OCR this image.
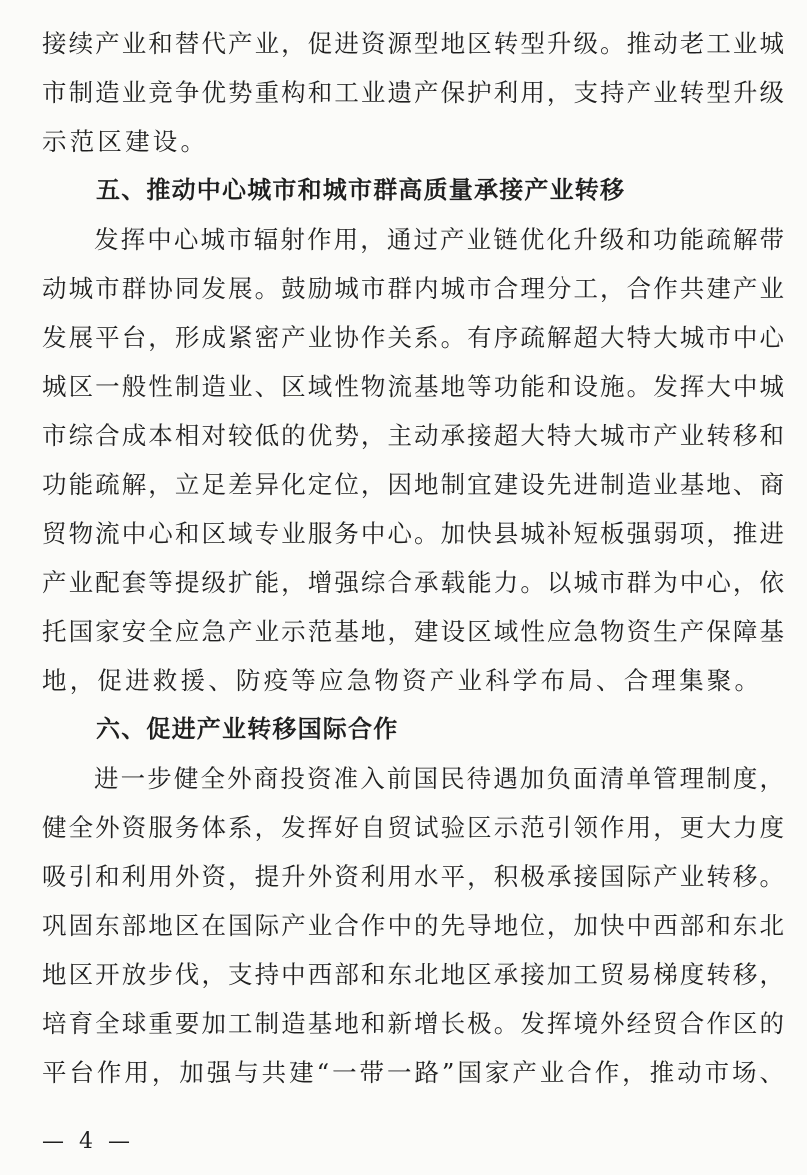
接续产业和替代产业，促进资源型地区转型升级。推动老工业城
市制造业竞争优势重构和工业遗产保护利用，支持产业转型升级
示范区建设。
五、推动中心城市和城市群高质量承接产业转移
发挥中心城市辐射作用，通过产业链优化升级和功能疏解带
动城市群协同发展。鼓励城市群内城市合理分工，合作共建产业
发展平台，形成紧密产业协作关系。有序疏解超大特大城市中心
城区一般性制造业、区域性物流基地等功能和设施。发挥大中城
市综合成本相对较低的优势，主动承接超大特大城市产业转移和
功能疏解，立足差异化定位，因地制宜建设先进制造业基地、商
贸物流中心和区域专业服务中心。加快县城补短板强弱项，推进
产业配套等提级扩能，增强综合承载能力。以城市群为中心，依
托国家安全应急产业示范基地，建设区域性应急物资生产保障基
地，促进救援、防疫等应急物资产业科学布局、合理集聚。
六、促进产业转移国际合作
进一步健全外商投资准入前国民待遇加负面清单管理制度，
健全外资服务体系，发挥好自贸试验区示范引领作用，更大力度
吸引和利用外资，提升外资利用水平，积极承接国际产业转移。
巩固东部地区在国际产业合作中的先导地位，加快中西部和东北
地区开放步伐，支持中西部和东北地区承接加工贸易梯度转移，
培育全球重要加工制造基地和新增长极。发挥境外经贸合作区的
平台作用，加强与共建“一带一路”国家产业合作，推动市场、
— 4 —
